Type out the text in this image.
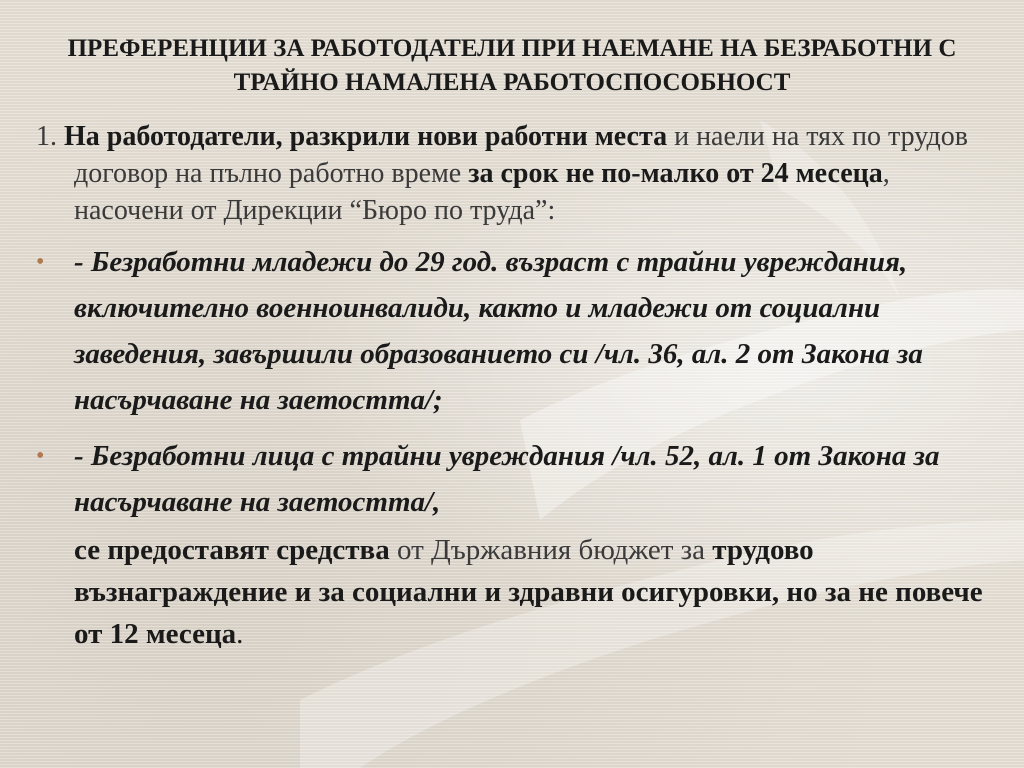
ПРЕФЕРЕНЦИИ ЗА РАБОТОДАТЕЛИ ПРИ НАЕМАНЕ НА БЕЗРАБОТНИ С ТРАЙНО НАМАЛЕНА РАБОТОСПОСОБНОСТ
1. На работодатели, разкрили нови работни места и наели на тях по трудов договор на пълно работно време за срок не по-малко от 24 месеца, насочени от Дирекции “Бюро по труда”:
• - Безработни младежи до 29 год. възраст с трайни увреждания, включително военноинвалиди, както и младежи от социални заведения, завършили образованието си /чл. 36, ал. 2 от Закона за насърчаване на заетостта/;
• - Безработни лица с трайни увреждания /чл. 52, ал. 1 от Закона за насърчаване на заетостта/,
се предоставят средства от Държавния бюджет за трудово възнаграждение и за социални и здравни осигуровки, но за не повече от 12 месеца.
